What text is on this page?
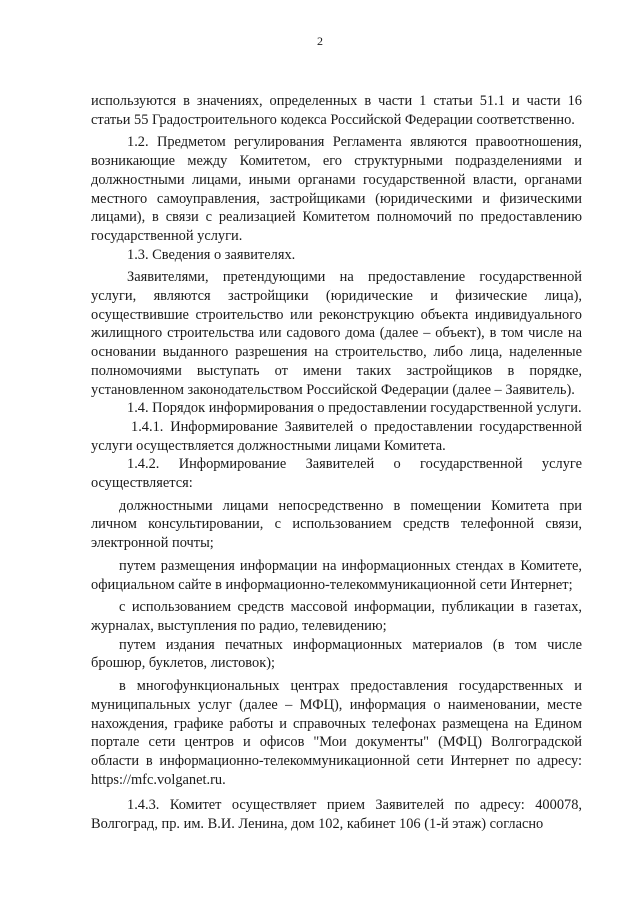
2

используются в значениях, определенных в части 1 статьи 51.1 и части 16 статьи 55 Градостроительного кодекса Российской Федерации соответственно.

1.2. Предметом регулирования Регламента являются правоотношения, возникающие между Комитетом, его структурными подразделениями и должностными лицами, иными органами государственной власти, органами местного самоуправления, застройщиками (юридическими и физическими лицами), в связи с реализацией Комитетом полномочий по предоставлению государственной услуги.

1.3. Сведения о заявителях.

Заявителями, претендующими на предоставление государственной услуги, являются застройщики (юридические и физические лица), осуществившие строительство или реконструкцию объекта индивидуального жилищного строительства или садового дома (далее – объект), в том числе на основании выданного разрешения на строительство, либо лица, наделенные полномочиями выступать от имени таких застройщиков в порядке, установленном законодательством Российской Федерации (далее – Заявитель).

1.4. Порядок информирования о предоставлении государственной услуги.

1.4.1. Информирование Заявителей о предоставлении государственной услуги осуществляется должностными лицами Комитета.

1.4.2. Информирование Заявителей о государственной услуге осуществляется:

должностными лицами непосредственно в помещении Комитета при личном консультировании, с использованием средств телефонной связи, электронной почты;

путем размещения информации на информационных стендах в Комитете, официальном сайте в информационно-телекоммуникационной сети Интернет;

с использованием средств массовой информации, публикации в газетах, журналах, выступления по радио, телевидению;

путем издания печатных информационных материалов (в том числе брошюр, буклетов, листовок);

в многофункциональных центрах предоставления государственных и муниципальных услуг (далее – МФЦ), информация о наименовании, месте нахождения, графике работы и справочных телефонах размещена на Едином портале сети центров и офисов "Мои документы" (МФЦ) Волгоградской области в информационно-телекоммуникационной сети Интернет по адресу: https://mfc.volganet.ru.

1.4.3. Комитет осуществляет прием Заявителей по адресу: 400078, Волгоград, пр. им. В.И. Ленина, дом 102, кабинет 106 (1-й этаж) согласно
